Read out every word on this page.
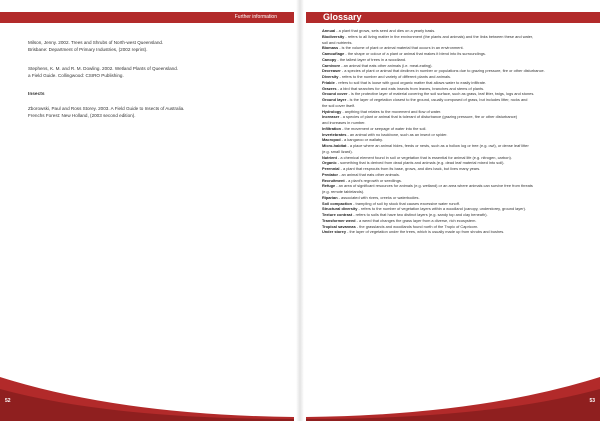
Further information	Glossary
Milson, Jenny. 2002. Trees and Shrubs of North-west Queensland.
Brisbane: Department of Primary Industries, (2002 reprint).
Stephens, K. M. and R. M. Dowling. 2002. Wetland Plants of Queensland.
a Field Guide. Collingwood: CSIRO Publishing.
Insects
Zborowski, Paul and Ross Storey. 2003. A Field Guide to Insects of Australia.
Frenchs Forest: New Holland, (2003 second edition).
Annual - a plant that grows, sets seed and dies on a yearly basis.
Biodiversity - refers to all living matter in the environment (the plants and animals) and the links between these and water,
soil and nutrients.
Biomass - is the volume of plant or animal material that occurs in an environment.
Camouflage - the shape or colour of a plant or animal that makes it blend into its surroundings.
Canopy - the tallest layer of trees in a woodland.
Carnivore - an animal that eats other animals (i.e. meat-eating).
Decreaser - a species of plant or animal that declines in number or populations due to grazing pressure, fire or other disturbance.
Diversity - refers to the number and variety of different plants and animals.
Friable - refers to soil that is loose with good organic matter that allows water to easily infiltrate.
Grazers - a bird that searches for and eats insects from leaves, branches and stems of plants.
Ground cover - is the protective layer of material covering the soil surface, such as grass, leaf litter, twigs, logs and stones.
Ground layer - is the layer of vegetation closest to the ground, usually composed of grass, but includes litter, rocks and
the soil cover itself.
Hydrology - anything that relates to the movement and flow of water.
Increaser - a species of plant or animal that is tolerant of disturbance (grazing pressure, fire or other disturbance)
and increases in number.
Infiltration - the movement or seepage of water into the soil.
Invertebrates - an animal with no backbone, such as an insect or spider.
Macropod - a kangaroo or wallaby.
Micro-habitat - a place where an animal hides, feeds or nests, such as a hollow log or tree (e.g. owl), or dense leaf litter
(e.g. small lizard).
Nutrient - a chemical element found in soil or vegetation that is essential for animal life (e.g. nitrogen, carbon).
Organic - something that is derived from dead plants and animals (e.g. dead leaf material mixed into soil).
Perennial - a plant that resprouts from its base, grows, and dies back, but lives many years.
Predator - an animal that eats other animals.
Recruitment - a plant's regrowth or seedlings.
Refuge - an area of significant resources for animals (e.g. wetland) or an area where animals can survive free from threats
(e.g. remote tablelands).
Riparian - associated with rivers, creeks or waterbodies.
Soil compaction - trampling of soil by stock that causes excessive water runoff.
Structural diversity - refers to the number of vegetation layers within a woodland (canopy, understorey, ground layer).
Texture contrast - refers to soils that have two distinct layers (e.g. sandy top and clay beneath).
Transformer weed - a weed that changes the grass layer from a diverse, rich ecosystem.
Tropical savannas - the grasslands and woodlands found north of the Tropic of Capricorn.
Under storey - the layer of vegetation under the trees, which is usually made up from shrubs and bushes.
52	53
